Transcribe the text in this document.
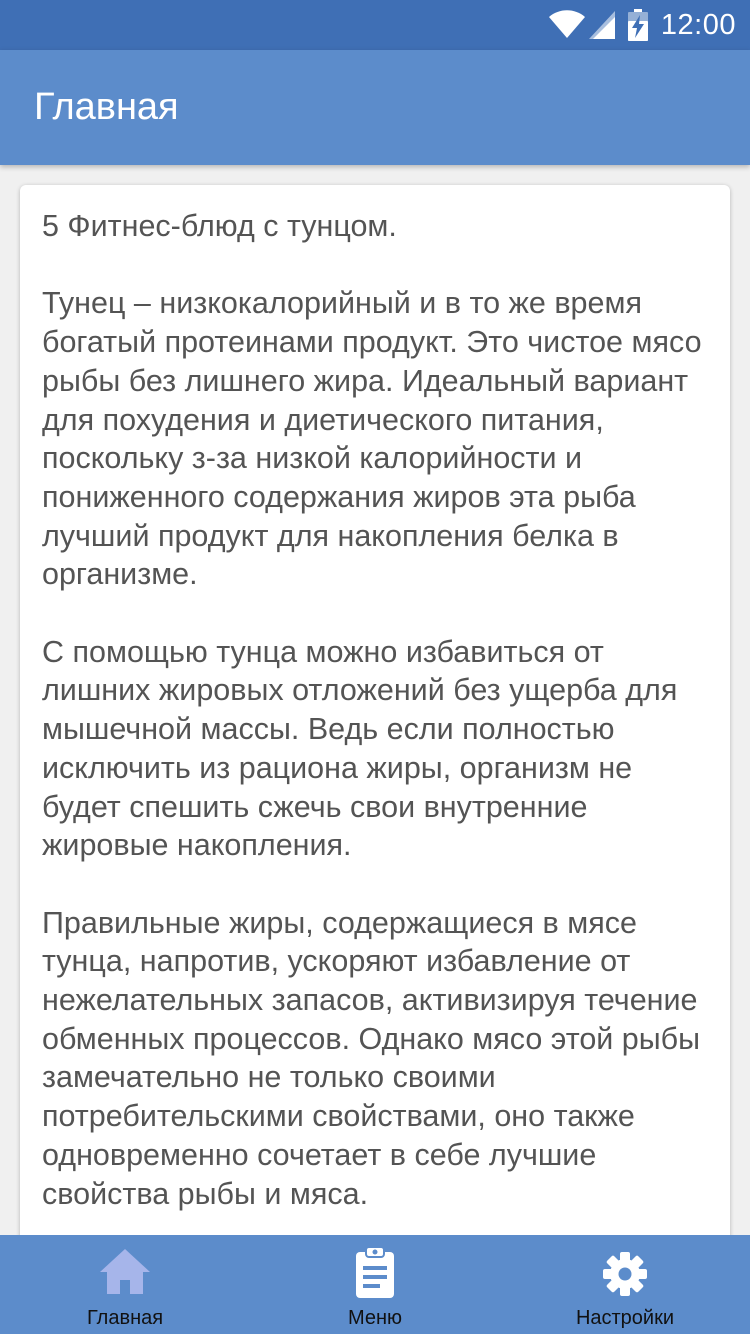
12:00
Главная

5 Фитнес-блюд с тунцом.

Тунец – низкокалорийный и в то же время богатый протеинами продукт. Это чистое мясо рыбы без лишнего жира. Идеальный вариант для похудения и диетического питания, поскольку з-за низкой калорийности и пониженного содержания жиров эта рыба лучший продукт для накопления белка в организме.

С помощью тунца можно избавиться от лишних жировых отложений без ущерба для мышечной массы. Ведь если полностью исключить из рациона жиры, организм не будет спешить сжечь свои внутренние жировые накопления.

Правильные жиры, содержащиеся в мясе тунца, напротив, ускоряют избавление от нежелательных запасов, активизируя течение обменных процессов. Однако мясо этой рыбы замечательно не только своими потребительскими свойствами, оно также одновременно сочетает в себе лучшие свойства рыбы и мяса.

Главная	Меню	Настройки
